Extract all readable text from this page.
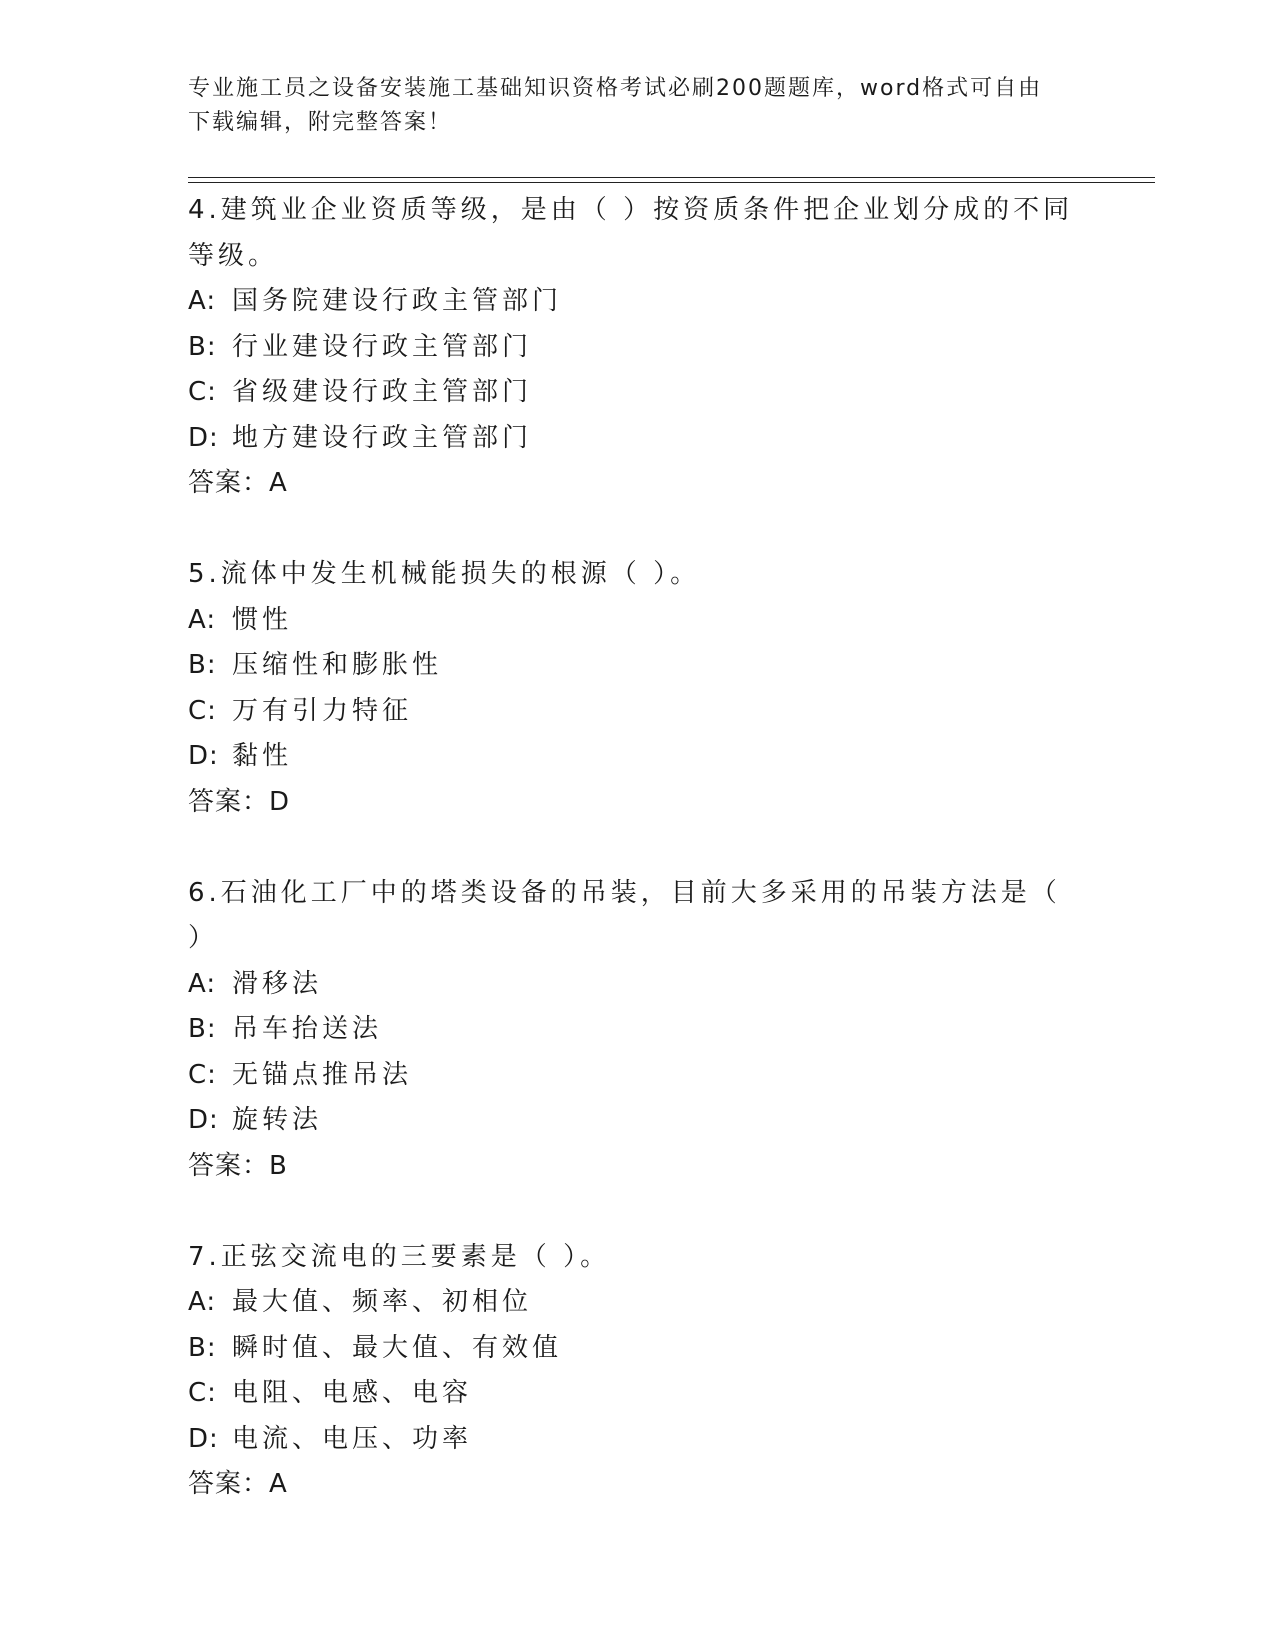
专业施工员之设备安装施工基础知识资格考试必刷200题题库，word格式可自由
下载编辑，附完整答案！
4.建筑业企业资质等级，是由（ ）按资质条件把企业划分成的不同等级。
A: 国务院建设行政主管部门
B: 行业建设行政主管部门
C: 省级建设行政主管部门
D: 地方建设行政主管部门
答案：A
5.流体中发生机械能损失的根源（ ）。
A: 惯性
B: 压缩性和膨胀性
C: 万有引力特征
D: 黏性
答案：D
6.石油化工厂中的塔类设备的吊装，目前大多采用的吊装方法是（ ）
A: 滑移法
B: 吊车抬送法
C: 无锚点推吊法
D: 旋转法
答案：B
7.正弦交流电的三要素是（ ）。
A: 最大值、频率、初相位
B: 瞬时值、最大值、有效值
C: 电阻、电感、电容
D: 电流、电压、功率
答案：A
